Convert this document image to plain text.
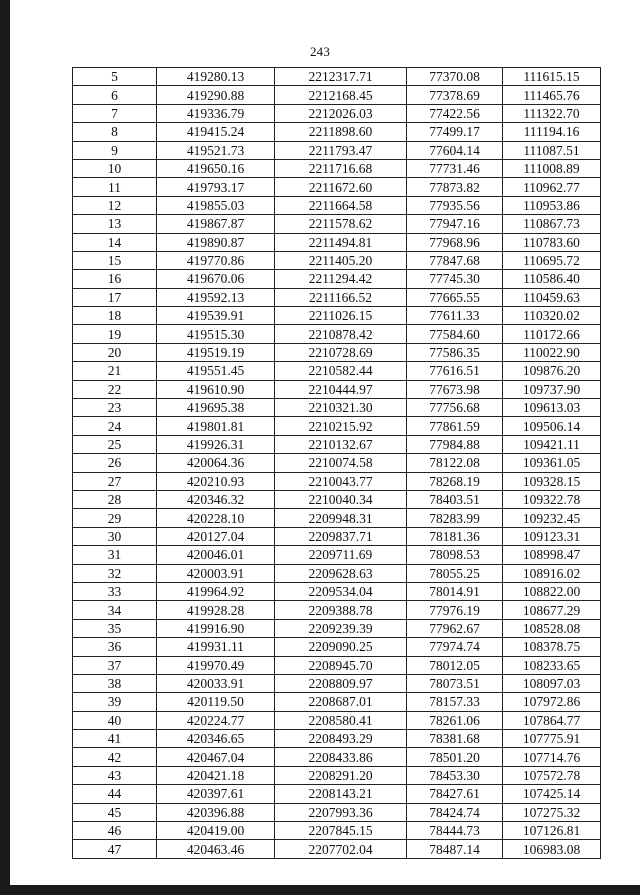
243
5	419280.13	2212317.71	77370.08	111615.15
6	419290.88	2212168.45	77378.69	111465.76
7	419336.79	2212026.03	77422.56	111322.70
8	419415.24	2211898.60	77499.17	111194.16
9	419521.73	2211793.47	77604.14	111087.51
10	419650.16	2211716.68	77731.46	111008.89
11	419793.17	2211672.60	77873.82	110962.77
12	419855.03	2211664.58	77935.56	110953.86
13	419867.87	2211578.62	77947.16	110867.73
14	419890.87	2211494.81	77968.96	110783.60
15	419770.86	2211405.20	77847.68	110695.72
16	419670.06	2211294.42	77745.30	110586.40
17	419592.13	2211166.52	77665.55	110459.63
18	419539.91	2211026.15	77611.33	110320.02
19	419515.30	2210878.42	77584.60	110172.66
20	419519.19	2210728.69	77586.35	110022.90
21	419551.45	2210582.44	77616.51	109876.20
22	419610.90	2210444.97	77673.98	109737.90
23	419695.38	2210321.30	77756.68	109613.03
24	419801.81	2210215.92	77861.59	109506.14
25	419926.31	2210132.67	77984.88	109421.11
26	420064.36	2210074.58	78122.08	109361.05
27	420210.93	2210043.77	78268.19	109328.15
28	420346.32	2210040.34	78403.51	109322.78
29	420228.10	2209948.31	78283.99	109232.45
30	420127.04	2209837.71	78181.36	109123.31
31	420046.01	2209711.69	78098.53	108998.47
32	420003.91	2209628.63	78055.25	108916.02
33	419964.92	2209534.04	78014.91	108822.00
34	419928.28	2209388.78	77976.19	108677.29
35	419916.90	2209239.39	77962.67	108528.08
36	419931.11	2209090.25	77974.74	108378.75
37	419970.49	2208945.70	78012.05	108233.65
38	420033.91	2208809.97	78073.51	108097.03
39	420119.50	2208687.01	78157.33	107972.86
40	420224.77	2208580.41	78261.06	107864.77
41	420346.65	2208493.29	78381.68	107775.91
42	420467.04	2208433.86	78501.20	107714.76
43	420421.18	2208291.20	78453.30	107572.78
44	420397.61	2208143.21	78427.61	107425.14
45	420396.88	2207993.36	78424.74	107275.32
46	420419.00	2207845.15	78444.73	107126.81
47	420463.46	2207702.04	78487.14	106983.08
